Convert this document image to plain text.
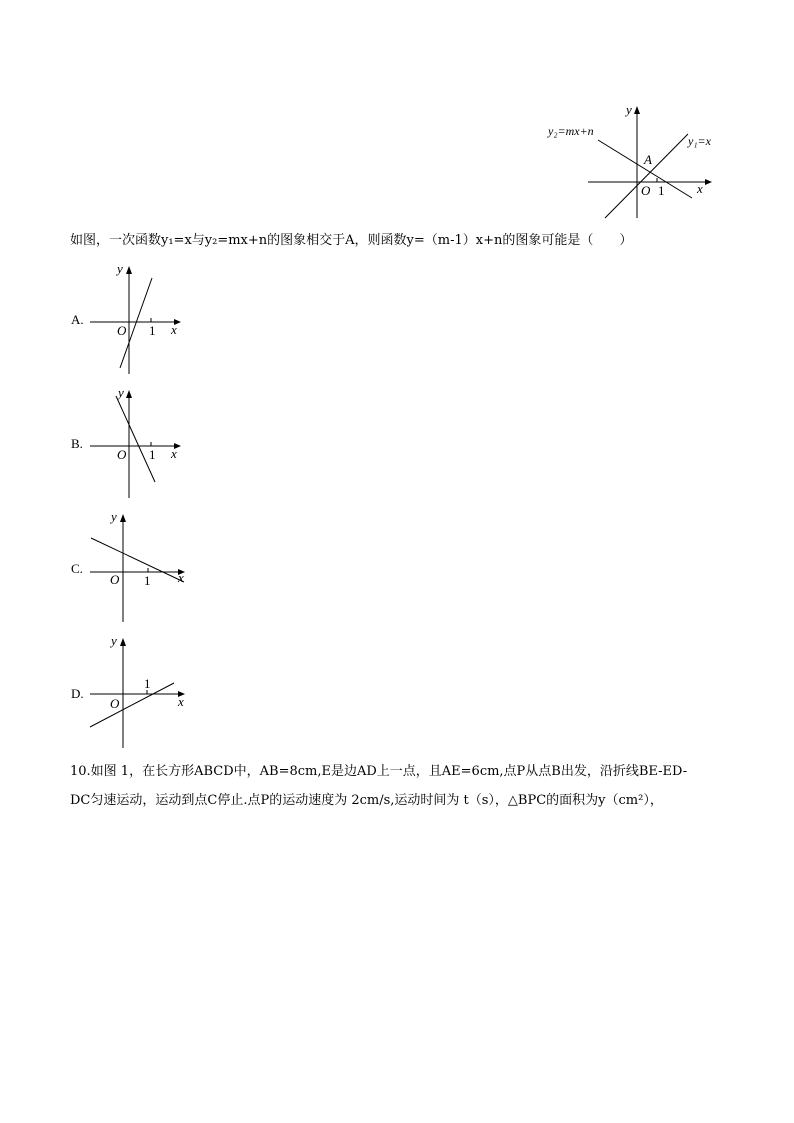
y
x
O 1
A
y₂=mx+n
y₁=x
如图，一次函数y₁=x与y₂=mx+n的图象相交于A，则函数y=（m-1）x+n的图象可能是（　　）
A.
y
x
O 1
B.
y
x
O 1
C.
y
x
O 1
D.
y
x
O
1
10.如图 1，在长方形ABCD中，AB=8cm,E是边AD上一点，且AE=6cm,点P从点B出发，沿折线BE-ED-
DC匀速运动，运动到点C停止.点P的运动速度为 2cm/s,运动时间为 t（s），△BPC的面积为y（cm²），
